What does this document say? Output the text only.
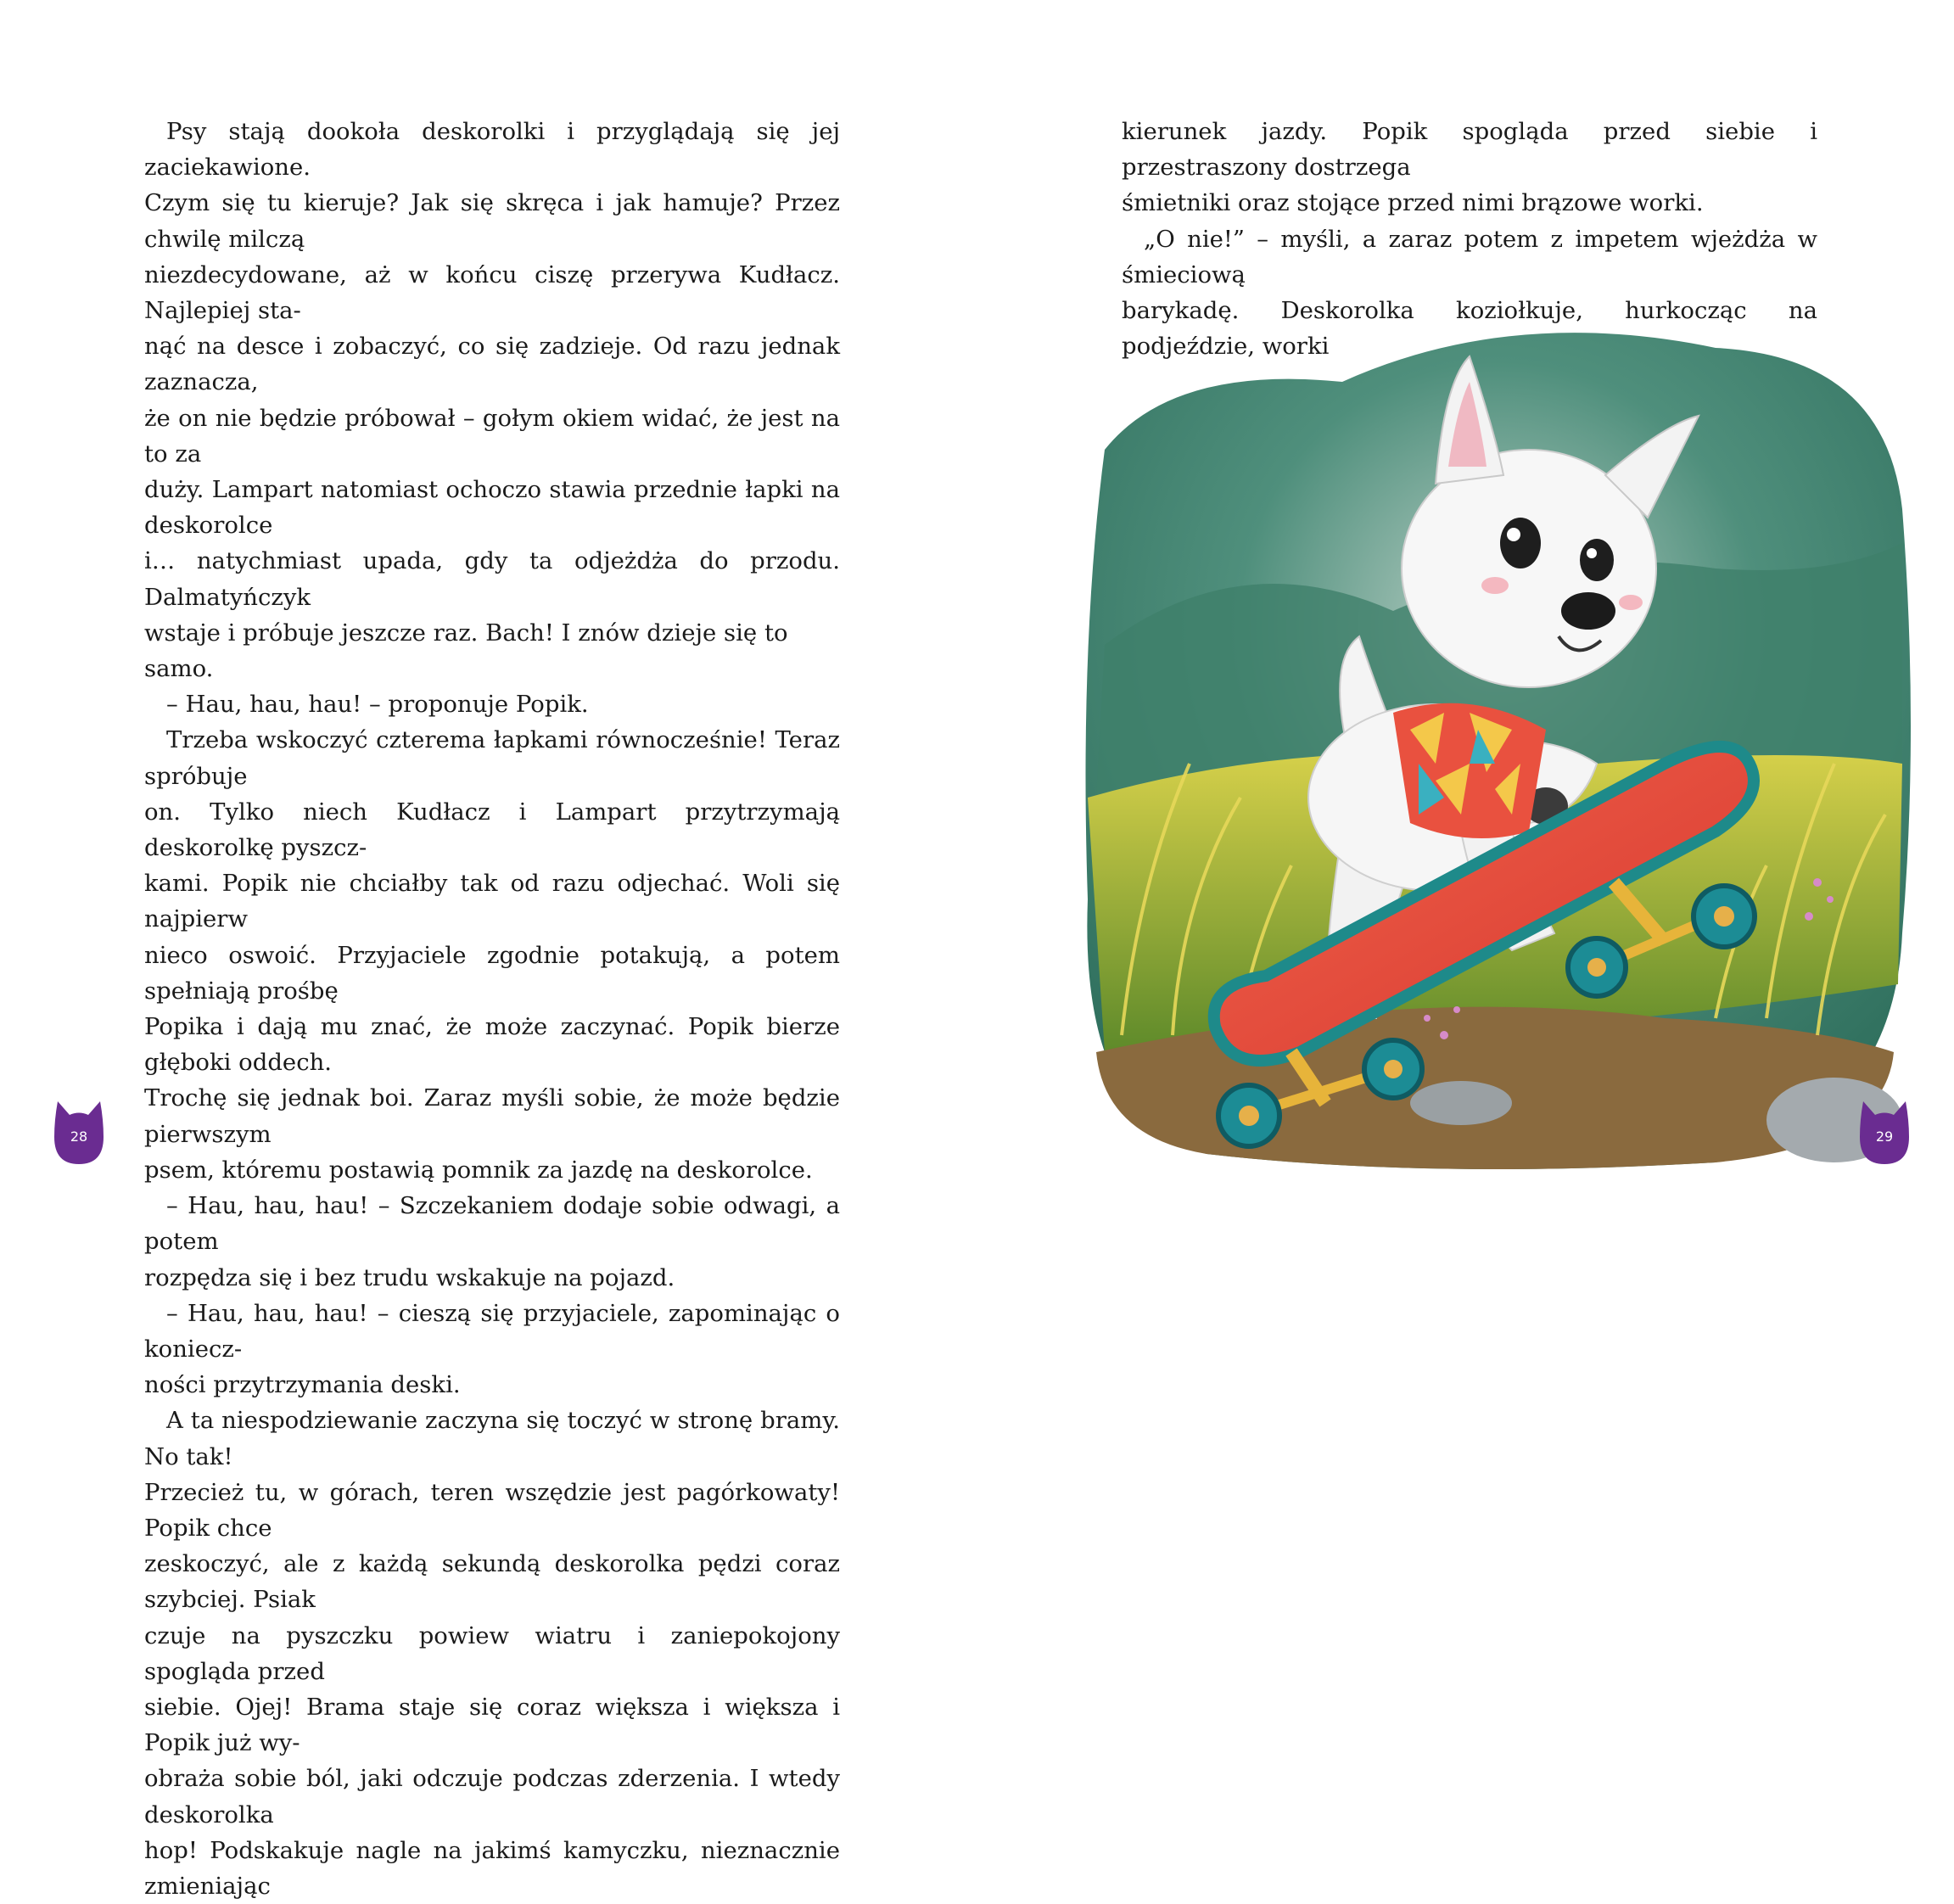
Psy stają dookoła deskorolki i przyglądają się jej zaciekawione.

Czym się tu kieruje? Jak się skręca i jak hamuje? Przez chwilę milczą

niezdecydowane, aż w końcu ciszę przerywa Kudłacz. Najlepiej sta-

nąć na desce i zobaczyć, co się zadzieje. Od razu jednak zaznacza,

że on nie będzie próbował – gołym okiem widać, że jest na to za

duży. Lampart natomiast ochoczo stawia przednie łapki na deskorolce

i… natychmiast upada, gdy ta odjeżdża do przodu. Dalmatyńczyk

wstaje i próbuje jeszcze raz. Bach! I znów dzieje się to samo.

– Hau, hau, hau! – proponuje Popik.

Trzeba wskoczyć czterema łapkami równocześnie! Teraz spróbuje

on. Tylko niech Kudłacz i Lampart przytrzymają deskorolkę pyszcz-

kami. Popik nie chciałby tak od razu odjechać. Woli się najpierw

nieco oswoić. Przyjaciele zgodnie potakują, a potem spełniają prośbę

Popika i dają mu znać, że może zaczynać. Popik bierze głęboki oddech.

Trochę się jednak boi. Zaraz myśli sobie, że może będzie pierwszym

psem, któremu postawią pomnik za jazdę na deskorolce.

– Hau, hau, hau! – Szczekaniem dodaje sobie odwagi, a potem

rozpędza się i bez trudu wskakuje na pojazd.

– Hau, hau, hau! – cieszą się przyjaciele, zapominając o koniecz-

ności przytrzymania deski.

A ta niespodziewanie zaczyna się toczyć w stronę bramy. No tak!

Przecież tu, w górach, teren wszędzie jest pagórkowaty! Popik chce

zeskoczyć, ale z każdą sekundą deskorolka pędzi coraz szybciej. Psiak

czuje na pyszczku powiew wiatru i zaniepokojony spogląda przed

siebie. Ojej! Brama staje się coraz większa i większa i Popik już wy-

obraża sobie ból, jaki odczuje podczas zderzenia. I wtedy deskorolka

hop! Podskakuje nagle na jakimś kamyczku, nieznacznie zmieniając

28

kierunek jazdy. Popik spogląda przed siebie i przestraszony dostrzega

śmietniki oraz stojące przed nimi brązowe worki.

„O nie!” – myśli, a zaraz potem z impetem wjeżdża w śmieciową

barykadę. Deskorolka koziołkuje, hurkocząc na podjeździe, worki

29
